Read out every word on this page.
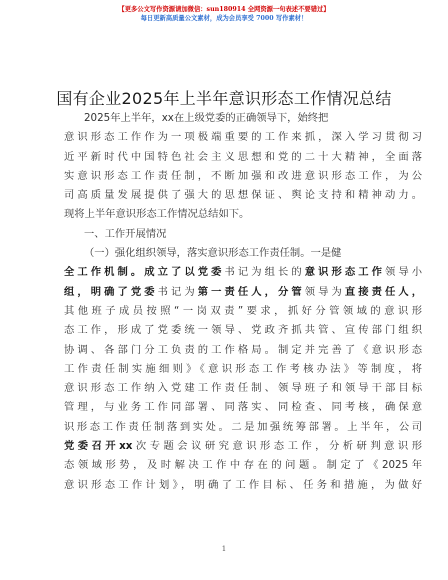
【更多公文写作资源请加微信：sun180914 全网资源一句表述不要错过】
每日更新高质量公文素材，成为会员享受 7000 写作素材！
国有企业2025年上半年意识形态工作情况总结
2025年上半年，xx在上级党委的正确领导下，始终把
意识形态工作作为一项极端重要的工作来抓，深入学习贯彻习
近平新时代中国特色社会主义思想和党的二十大精神，全面落
实意识形态工作责任制，不断加强和改进意识形态工作，为公
司高质量发展提供了强大的思想保证、舆论支持和精神动力。
现将上半年意识形态工作情况总结如下。
一、工作开展情况
（一）强化组织领导，落实意识形态工作责任制。一是健
全工作机制。成立了以党委书记为组长的意识形态工作领导小
组，明确了党委书记为第一责任人，分管领导为直接责任人，
其他班子成员按照“一岗双责”要求，抓好分管领域的意识形
态工作，形成了党委统一领导、党政齐抓共管、宣传部门组织
协调、各部门分工负责的工作格局。制定并完善了《意识形态
工作责任制实施细则》《意识形态工作考核办法》等制度，将
意识形态工作纳入党建工作责任制、领导班子和领导干部目标
管理，与业务工作同部署、同落实、同检查、同考核，确保意
识形态工作责任制落到实处。二是加强统筹部署。上半年，公司
党委召开xx次专题会议研究意识形态工作，分析研判意识形
态领域形势，及时解决工作中存在的问题。制定了《2025年
意识形态工作计划》，明确了工作目标、任务和措施，为做好
1
